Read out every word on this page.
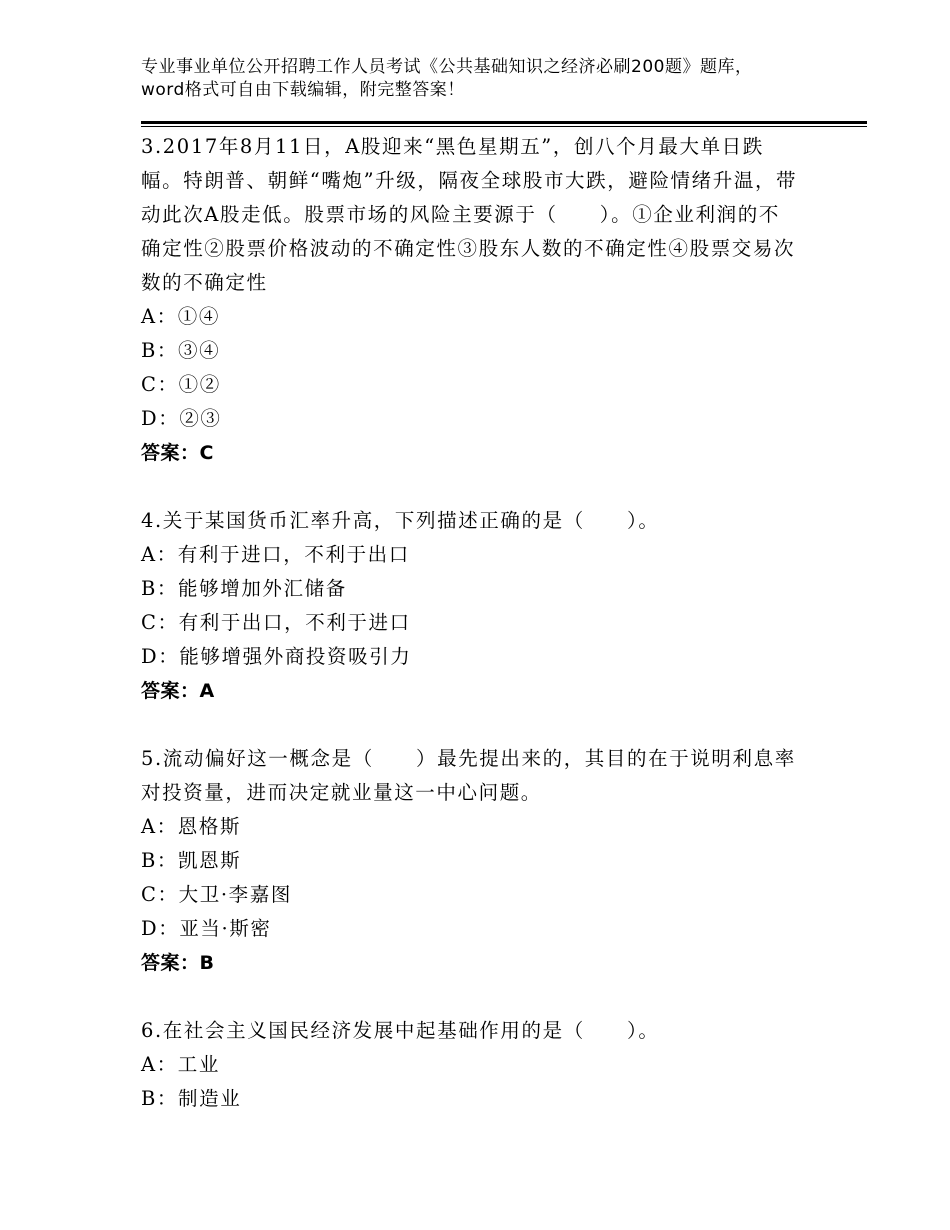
专业事业单位公开招聘工作人员考试《公共基础知识之经济必刷200题》题库，word格式可自由下载编辑，附完整答案！

3.2017年8月11日，A股迎来“黑色星期五”，创八个月最大单日跌幅。特朗普、朝鲜“嘴炮”升级，隔夜全球股市大跌，避险情绪升温，带动此次A股走低。股票市场的风险主要源于（　　）。①企业利润的不确定性②股票价格波动的不确定性③股东人数的不确定性④股票交易次数的不确定性

A：①④

B：③④

C：①②

D：②③

答案：C

4.关于某国货币汇率升高，下列描述正确的是（　　）。

A：有利于进口，不利于出口

B：能够增加外汇储备

C：有利于出口，不利于进口

D：能够增强外商投资吸引力

答案：A

5.流动偏好这一概念是（　　）最先提出来的，其目的在于说明利息率对投资量，进而决定就业量这一中心问题。

A：恩格斯

B：凯恩斯

C：大卫·李嘉图

D：亚当·斯密

答案：B

6.在社会主义国民经济发展中起基础作用的是（　　）。

A：工业

B：制造业
